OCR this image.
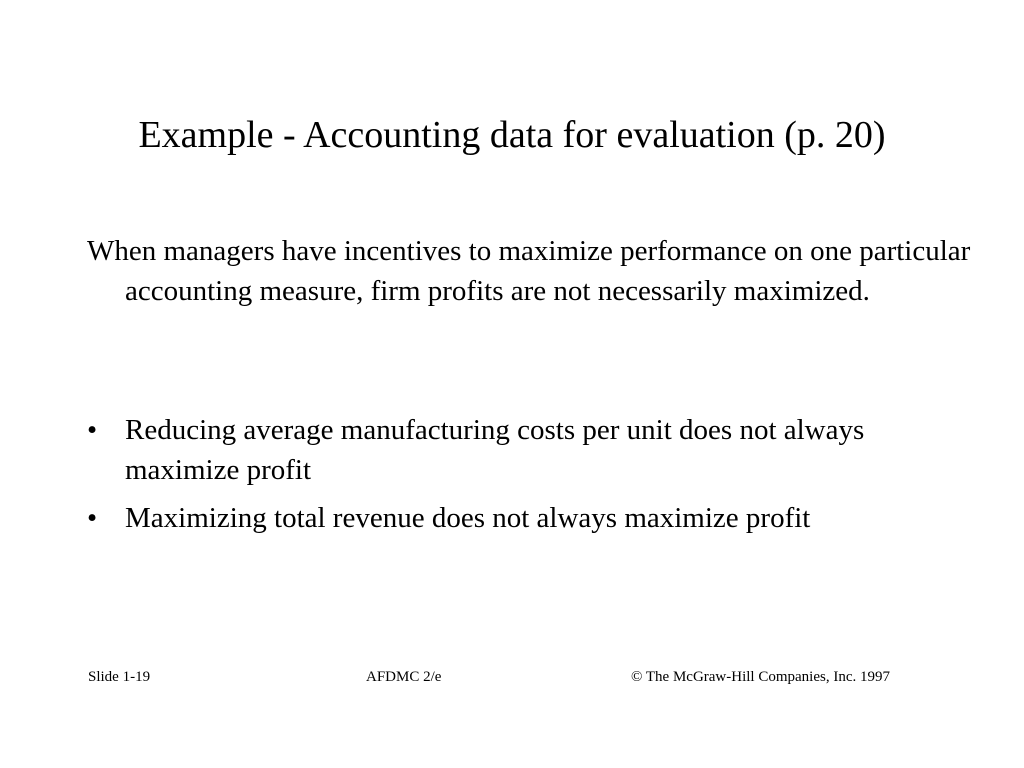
Example - Accounting data for evaluation (p. 20)

When managers have incentives to maximize performance on one particular accounting measure, firm profits are not necessarily maximized.

• Reducing average manufacturing costs per unit does not always maximize profit
• Maximizing total revenue does not always maximize profit
Slide 1-19	AFDMC 2/e	© The McGraw-Hill Companies, Inc. 1997
